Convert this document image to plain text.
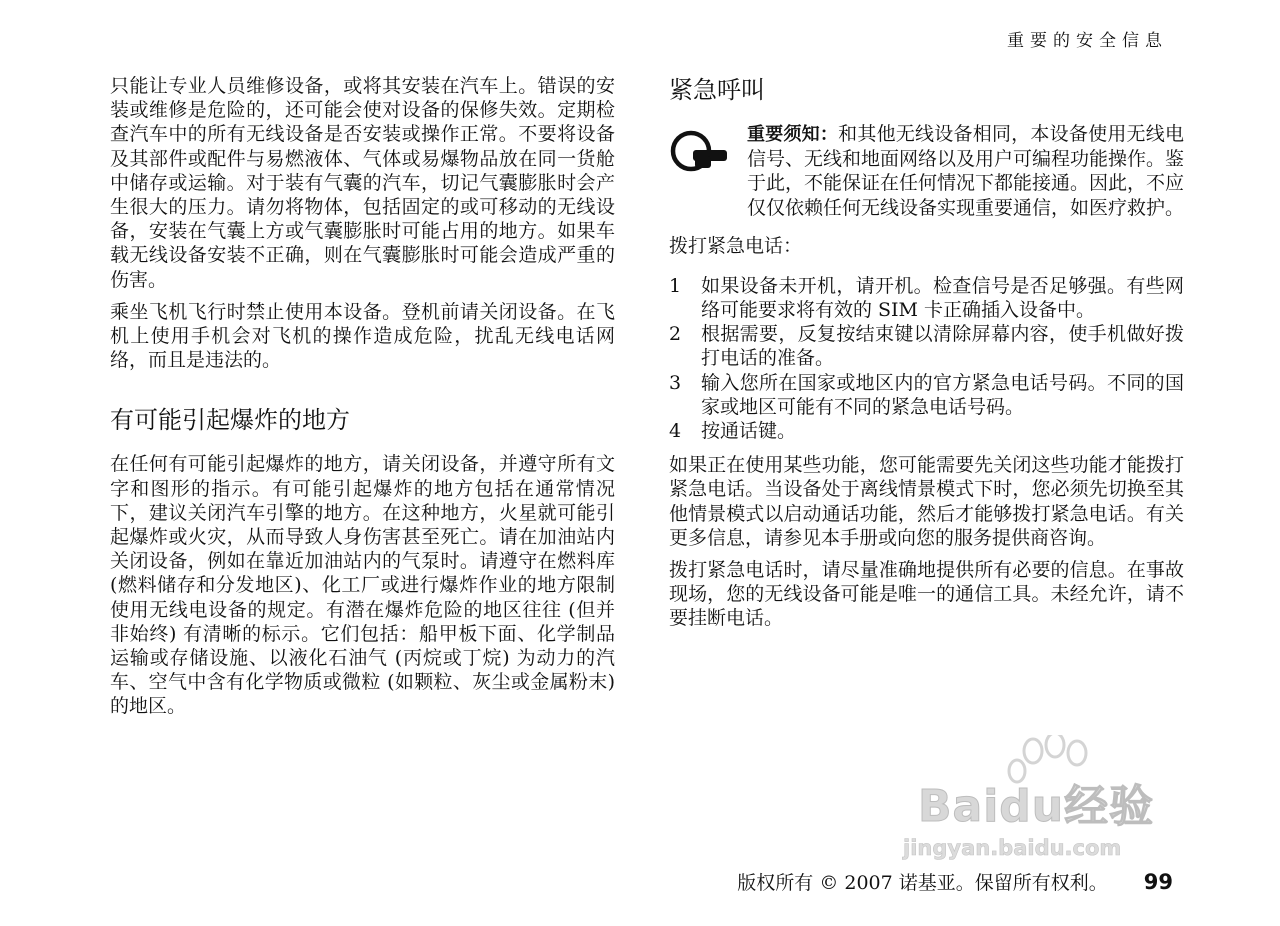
重要的安全信息

只能让专业人员维修设备，或将其安装在汽车上。错误的安装或维修是危险的，还可能会使对设备的保修失效。定期检查汽车中的所有无线设备是否安装或操作正常。不要将设备及其部件或配件与易燃液体、气体或易爆物品放在同一货舱中储存或运输。对于装有气囊的汽车，切记气囊膨胀时会产生很大的压力。请勿将物体，包括固定的或可移动的无线设备，安装在气囊上方或气囊膨胀时可能占用的地方。如果车载无线设备安装不正确，则在气囊膨胀时可能会造成严重的伤害。

乘坐飞机飞行时禁止使用本设备。登机前请关闭设备。在飞机上使用手机会对飞机的操作造成危险，扰乱无线电话网络，而且是违法的。

有可能引起爆炸的地方

在任何有可能引起爆炸的地方，请关闭设备，并遵守所有文字和图形的指示。有可能引起爆炸的地方包括在通常情况下，建议关闭汽车引擎的地方。在这种地方，火星就可能引起爆炸或火灾，从而导致人身伤害甚至死亡。请在加油站内关闭设备，例如在靠近加油站内的气泵时。请遵守在燃料库 (燃料储存和分发地区)、化工厂或进行爆炸作业的地方限制使用无线电设备的规定。有潜在爆炸危险的地区往往 (但并非始终) 有清晰的标示。它们包括：船甲板下面、化学制品运输或存储设施、以液化石油气 (丙烷或丁烷) 为动力的汽车、空气中含有化学物质或微粒 (如颗粒、灰尘或金属粉末) 的地区。

紧急呼叫

重要须知：和其他无线设备相同，本设备使用无线电信号、无线和地面网络以及用户可编程功能操作。鉴于此，不能保证在任何情况下都能接通。因此，不应仅仅依赖任何无线设备实现重要通信，如医疗救护。

拨打紧急电话：
1 如果设备未开机，请开机。检查信号是否足够强。有些网络可能要求将有效的 SIM 卡正确插入设备中。

2 根据需要，反复按结束键以清除屏幕内容，使手机做好拨打电话的准备。

3 输入您所在国家或地区内的官方紧急电话号码。不同的国家或地区可能有不同的紧急电话号码。

4 按通话键。

如果正在使用某些功能，您可能需要先关闭这些功能才能拨打紧急电话。当设备处于离线情景模式下时，您必须先切换至其他情景模式以启动通话功能，然后才能够拨打紧急电话。有关更多信息，请参见本手册或向您的服务提供商咨询。

拨打紧急电话时，请尽量准确地提供所有必要的信息。在事故现场，您的无线设备可能是唯一的通信工具。未经允许，请不要挂断电话。

Baidu经验
jingyan.baidu.com
版权所有 © 2007 诺基亚。保留所有权利。 99
